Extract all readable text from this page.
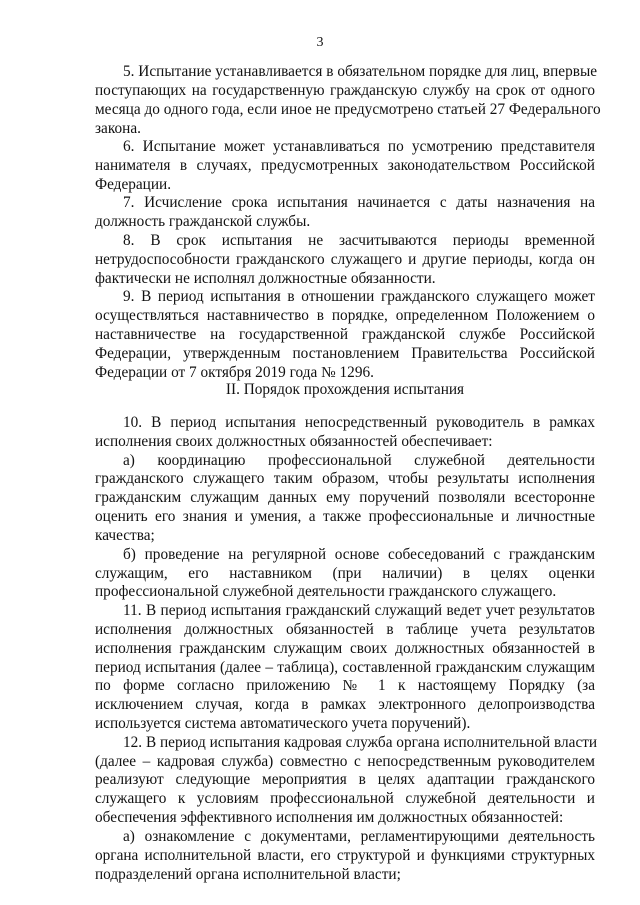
3
5. Испытание устанавливается в обязательном порядке для лиц, впервые
поступающих на государственную гражданскую службу на срок от одного
месяца до одного года, если иное не предусмотрено статьей 27 Федерального
закона.
6. Испытание может устанавливаться по усмотрению представителя
нанимателя в случаях, предусмотренных законодательством Российской
Федерации.
7. Исчисление срока испытания начинается с даты назначения на
должность гражданской службы.
8. В срок испытания не засчитываются периоды временной
нетрудоспособности гражданского служащего и другие периоды, когда он
фактически не исполнял должностные обязанности.
9. В период испытания в отношении гражданского служащего может
осуществляться наставничество в порядке, определенном Положением о
наставничестве на государственной гражданской службе Российской
Федерации, утвержденным постановлением Правительства Российской
Федерации от 7 октября 2019 года № 1296.
II. Порядок прохождения испытания
10. В период испытания непосредственный руководитель в рамках
исполнения своих должностных обязанностей обеспечивает:
а) координацию профессиональной служебной деятельности
гражданского служащего таким образом, чтобы результаты исполнения
гражданским служащим данных ему поручений позволяли всесторонне
оценить его знания и умения, а также профессиональные и личностные
качества;
б) проведение на регулярной основе собеседований с гражданским
служащим, его наставником (при наличии) в целях оценки
профессиональной служебной деятельности гражданского служащего.
11. В период испытания гражданский служащий ведет учет результатов
исполнения должностных обязанностей в таблице учета результатов
исполнения гражданским служащим своих должностных обязанностей в
период испытания (далее – таблица), составленной гражданским служащим
по форме согласно приложению № 1 к настоящему Порядку (за
исключением случая, когда в рамках электронного делопроизводства
используется система автоматического учета поручений).
12. В период испытания кадровая служба органа исполнительной власти
(далее – кадровая служба) совместно с непосредственным руководителем
реализуют следующие мероприятия в целях адаптации гражданского
служащего к условиям профессиональной служебной деятельности и
обеспечения эффективного исполнения им должностных обязанностей:
а) ознакомление с документами, регламентирующими деятельность
органа исполнительной власти, его структурой и функциями структурных
подразделений органа исполнительной власти;
